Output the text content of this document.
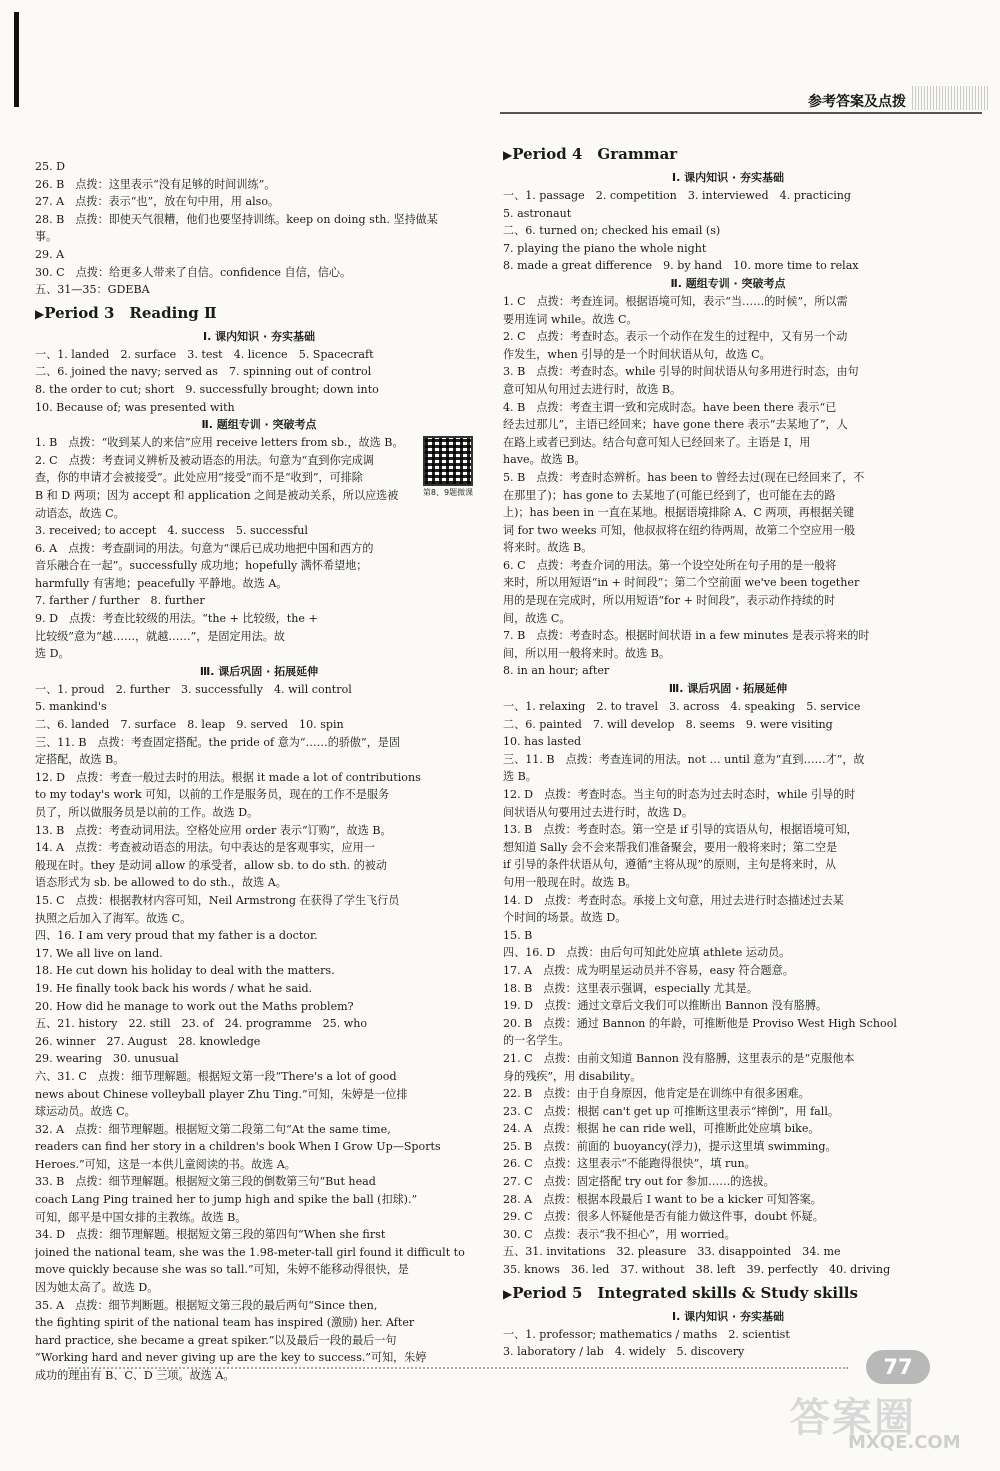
参考答案及点拨
25. D
26. B　点拨：这里表示“没有足够的时间训练”。
27. A　点拨：表示“也”，放在句中用，用 also。
28. B　点拨：即使天气很糟，他们也要坚持训练。keep on doing sth. 坚持做某
事。
29. A
30. C　点拨：给更多人带来了自信。confidence 自信，信心。
五、31—35：GDEBA
▶Period 3　Reading Ⅱ
Ⅰ. 课内知识 · 夯实基础
一、1. landed　2. surface　3. test　4. licence　5. Spacecraft
二、6. joined the navy; served as　7. spinning out of control
8. the order to cut; short　9. successfully brought; down into
10. Because of; was presented with
Ⅱ. 题组专训 · 突破考点
第8、9题微课
1. B　点拨：“收到某人的来信”应用 receive letters from sb.，故选 B。
2. C　点拨：考查词义辨析及被动语态的用法。句意为“直到你完成调
查，你的申请才会被接受”。此处应用“接受”而不是“收到”，可排除
B 和 D 两项；因为 accept 和 application 之间是被动关系，所以应选被
动语态，故选 C。
3. received; to accept　4. success　5. successful
6. A　点拨：考查副词的用法。句意为“课后已成功地把中国和西方的
音乐融合在一起”。successfully 成功地；hopefully 满怀希望地；
harmfully 有害地；peacefully 平静地。故选 A。
7. farther / further　8. further
9. D　点拨：考查比较级的用法。“the + 比较级，the +
比较级”意为“越……，就越……”，是固定用法。故
选 D。
Ⅲ. 课后巩固 · 拓展延伸
一、1. proud　2. further　3. successfully　4. will control
5. mankind's
二、6. landed　7. surface　8. leap　9. served　10. spin
三、11. B　点拨：考查固定搭配。the pride of 意为“……的骄傲”，是固
定搭配，故选 B。
12. D　点拨：考查一般过去时的用法。根据 it made a lot of contributions
to my today's work 可知，以前的工作是服务员，现在的工作不是服务
员了，所以做服务员是以前的工作。故选 D。
13. B　点拨：考查动词用法。空格处应用 order 表示“订购”，故选 B。
14. A　点拨：考查被动语态的用法。句中表达的是客观事实，应用一
般现在时。they 是动词 allow 的承受者，allow sb. to do sth. 的被动
语态形式为 sb. be allowed to do sth.，故选 A。
15. C　点拨：根据教材内容可知，Neil Armstrong 在获得了学生飞行员
执照之后加入了海军。故选 C。
四、16. I am very proud that my father is a doctor.
17. We all live on land.
18. He cut down his holiday to deal with the matters.
19. He finally took back his words / what he said.
20. How did he manage to work out the Maths problem?
五、21. history　22. still　23. of　24. programme　25. who
26. winner　27. August　28. knowledge
29. wearing　30. unusual
六、31. C　点拨：细节理解题。根据短文第一段“There's a lot of good
news about Chinese volleyball player Zhu Ting.”可知，朱婷是一位排
球运动员。故选 C。
32. A　点拨：细节理解题。根据短文第二段第二句“At the same time,
readers can find her story in a children's book When I Grow Up—Sports
Heroes.”可知，这是一本供儿童阅读的书。故选 A。
33. B　点拨：细节理解题。根据短文第三段的倒数第三句“But head
coach Lang Ping trained her to jump high and spike the ball (扣球).”
可知，郎平是中国女排的主教练。故选 B。
34. D　点拨：细节理解题。根据短文第三段的第四句“When she first
joined the national team, she was the 1.98-meter-tall girl found it difficult to
move quickly because she was so tall.”可知，朱婷不能移动得很快，是
因为她太高了。故选 D。
35. A　点拨：细节判断题。根据短文第三段的最后两句“Since then,
the fighting spirit of the national team has inspired (激励) her. After
hard practice, she became a great spiker.”以及最后一段的最后一句
“Working hard and never giving up are the key to success.”可知，朱婷
成功的理由有 B、C、D 三项。故选 A。
▶Period 4　Grammar
Ⅰ. 课内知识 · 夯实基础
一、1. passage　2. competition　3. interviewed　4. practicing
5. astronaut
二、6. turned on; checked his email (s)
7. playing the piano the whole night
8. made a great difference　9. by hand　10. more time to relax
Ⅱ. 题组专训 · 突破考点
1. C　点拨：考查连词。根据语境可知，表示“当……的时候”，所以需
要用连词 while。故选 C。
2. C　点拨：考查时态。表示一个动作在发生的过程中，又有另一个动
作发生，when 引导的是一个时间状语从句，故选 C。
3. B　点拨：考查时态。while 引导的时间状语从句多用进行时态，由句
意可知从句用过去进行时，故选 B。
4. B　点拨：考查主谓一致和完成时态。have been there 表示“已
经去过那儿”，主语已经回来；have gone there 表示“去某地了”，人
在路上或者已到达。结合句意可知人已经回来了。主语是 I，用
have。故选 B。
5. B　点拨：考查时态辨析。has been to 曾经去过(现在已经回来了，不
在那里了)；has gone to 去某地了(可能已经到了，也可能在去的路
上)；has been in 一直在某地。根据语境排除 A、C 两项，再根据关键
词 for two weeks 可知，他叔叔将在纽约待两周，故第二个空应用一般
将来时。故选 B。
6. C　点拨：考查介词的用法。第一个设空处所在句子用的是一般将
来时，所以用短语“in + 时间段”；第二个空前面 we've been together
用的是现在完成时，所以用短语“for + 时间段”，表示动作持续的时
间，故选 C。
7. B　点拨：考查时态。根据时间状语 in a few minutes 是表示将来的时
间，所以用一般将来时。故选 B。
8. in an hour; after
Ⅲ. 课后巩固 · 拓展延伸
一、1. relaxing　2. to travel　3. across　4. speaking　5. service
二、6. painted　7. will develop　8. seems　9. were visiting
10. has lasted
三、11. B　点拨：考查连词的用法。not … until 意为“直到……才”，故
选 B。
12. D　点拨：考查时态。当主句的时态为过去时态时，while 引导的时
间状语从句要用过去进行时，故选 D。
13. B　点拨：考查时态。第一空是 if 引导的宾语从句，根据语境可知，
想知道 Sally 会不会来帮我们准备聚会，要用一般将来时；第二空是
if 引导的条件状语从句，遵循“主将从现”的原则，主句是将来时，从
句用一般现在时。故选 B。
14. D　点拨：考查时态。承接上文句意，用过去进行时态描述过去某
个时间的场景。故选 D。
15. B
四、16. D　点拨：由后句可知此处应填 athlete 运动员。
17. A　点拨：成为明星运动员并不容易，easy 符合题意。
18. B　点拨：这里表示强调，especially 尤其是。
19. D　点拨：通过文章后文我们可以推断出 Bannon 没有胳膊。
20. B　点拨：通过 Bannon 的年龄，可推断他是 Proviso West High School
的一名学生。
21. C　点拨：由前文知道 Bannon 没有胳膊，这里表示的是“克服他本
身的残疾”，用 disability。
22. B　点拨：由于自身原因，他肯定是在训练中有很多困难。
23. C　点拨：根据 can't get up 可推断这里表示“摔倒”，用 fall。
24. A　点拨：根据 he can ride well，可推断此处应填 bike。
25. B　点拨：前面的 buoyancy(浮力)，提示这里填 swimming。
26. C　点拨：这里表示“不能跑得很快”，填 run。
27. C　点拨：固定搭配 try out for 参加……的选拔。
28. A　点拨：根据本段最后 I want to be a kicker 可知答案。
29. C　点拨：很多人怀疑他是否有能力做这件事，doubt 怀疑。
30. C　点拨：表示“我不担心”，用 worried。
五、31. invitations　32. pleasure　33. disappointed　34. me
35. knows　36. led　37. without　38. left　39. perfectly　40. driving
▶Period 5　Integrated skills & Study skills
Ⅰ. 课内知识 · 夯实基础
一、1. professor; mathematics / maths　2. scientist
3. laboratory / lab　4. widely　5. discovery
77
答案圈
MXQE.COM
